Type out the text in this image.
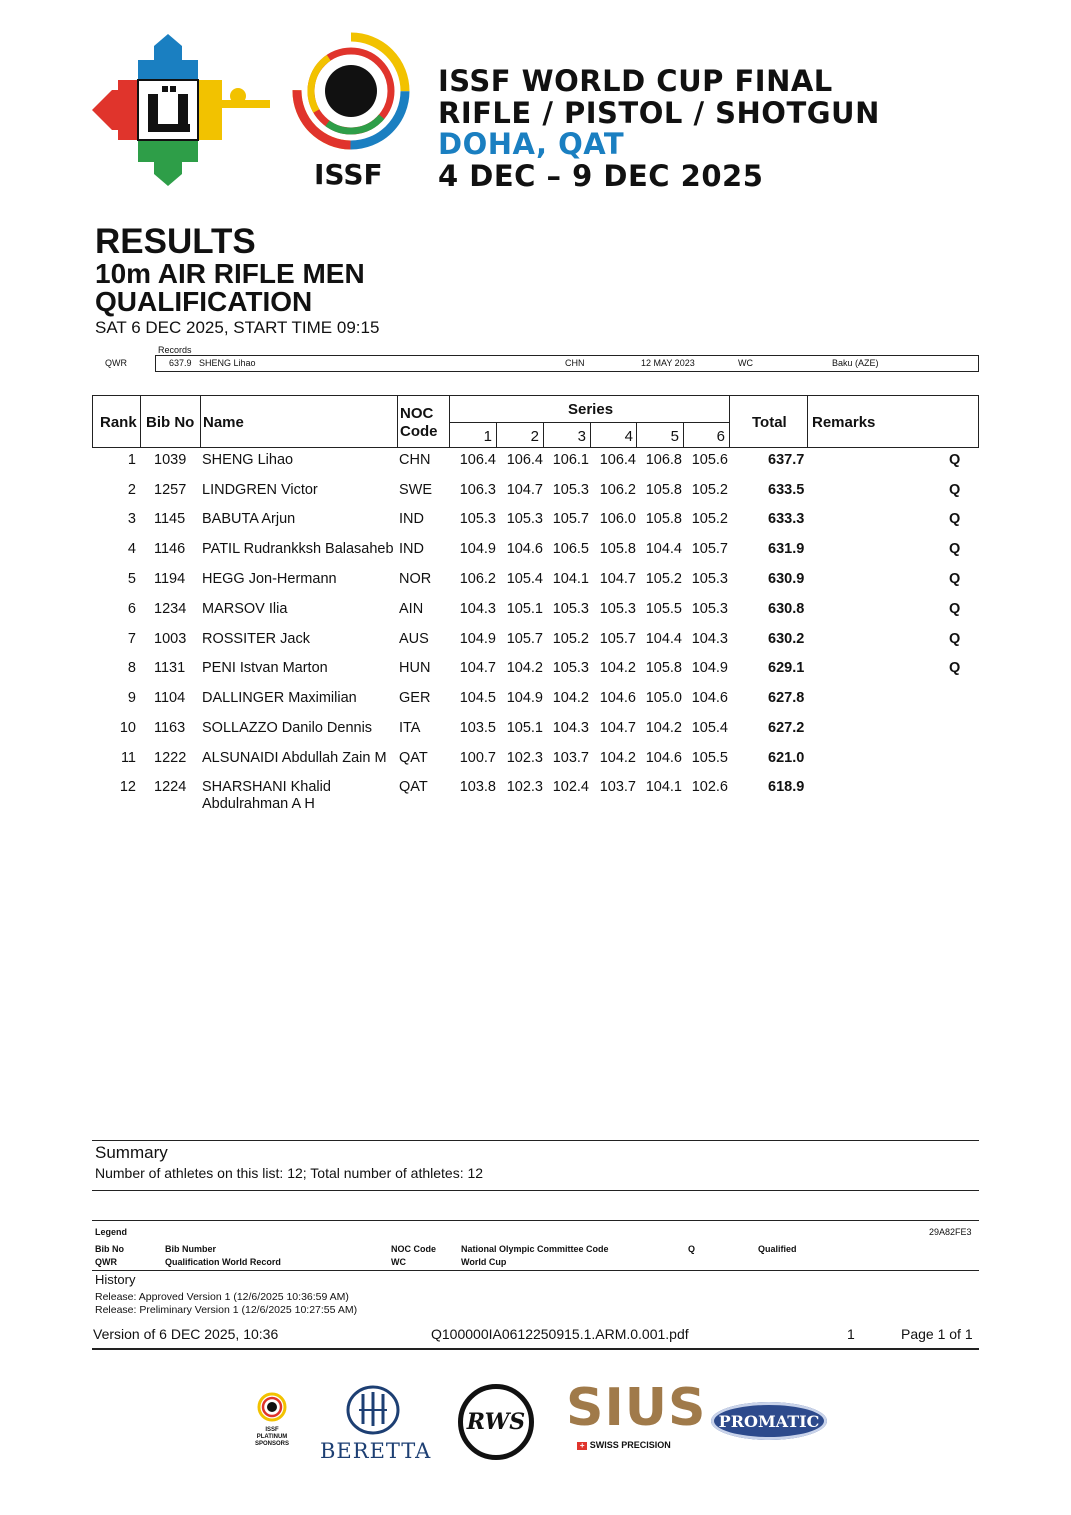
ISSF
ISSF WORLD CUP FINAL
RIFLE / PISTOL / SHOTGUN
DOHA, QAT
4 DEC – 9 DEC 2025
RESULTS
10m AIR RIFLE MEN
QUALIFICATION
SAT 6 DEC 2025, START TIME 09:15
Records
QWR	637.9 SHENG Lihao	CHN	12 MAY 2023	WC	Baku (AZE)
Rank Bib No Name
NOC
Code
Series
Total Remarks
1	2	3	4	5	6
1 1039 SHENG Lihao	CHN	106.4 106.4 106.1 106.4 106.8 105.6	637.7	Q
2 1257 LINDGREN Victor	SWE	106.3 104.7 105.3 106.2 105.8 105.2	633.5	Q
3 1145 BABUTA Arjun	IND	105.3 105.3 105.7 106.0 105.8 105.2	633.3	Q
4 1146 PATIL Rudrankksh Balasaheb IND	104.9 104.6 106.5 105.8 104.4 105.7	631.9	Q
5 1194 HEGG Jon-Hermann	NOR	106.2 105.4 104.1 104.7 105.2 105.3	630.9	Q
6 1234 MARSOV Ilia	AIN	104.3 105.1 105.3 105.3 105.5 105.3	630.8	Q
7 1003 ROSSITER Jack	AUS	104.9 105.7 105.2 105.7 104.4 104.3	630.2	Q
8 1131 PENI Istvan Marton	HUN	104.7 104.2 105.3 104.2 105.8 104.9	629.1	Q
9 1104 DALLINGER Maximilian	GER	104.5 104.9 104.2 104.6 105.0 104.6	627.8
10 1163 SOLLAZZO Danilo Dennis ITA	103.5 105.1 104.3 104.7 104.2 105.4	627.2
11 1222 ALSUNAIDI Abdullah Zain M QAT	100.7 102.3 103.7 104.2 104.6 105.5	621.0
12 1224 SHARSHANI Khalid
Abdulrahman A H
QAT	103.8 102.3 102.4 103.7 104.1 102.6	618.9
Summary
Number of athletes on this list: 12; Total number of athletes: 12
Legend	29A82FE3
Bib No	Bib Number
QWR	Qualification World Record
NOC Code	National Olympic Committee Code
WC	World Cup
Q	Qualified
History
Release: Approved Version 1 (12/6/2025 10:36:59 AM)
Release: Preliminary Version 1 (12/6/2025 10:27:55 AM)
Version of 6 DEC 2025, 10:36	Q100000IA0612250915.1.ARM.0.001.pdf	1	Page 1 of 1
ISSF
PLATINUM
SPONSORS	BERETTA
RWS SIUS
+ SWISS PRECISION
PROMATIC
